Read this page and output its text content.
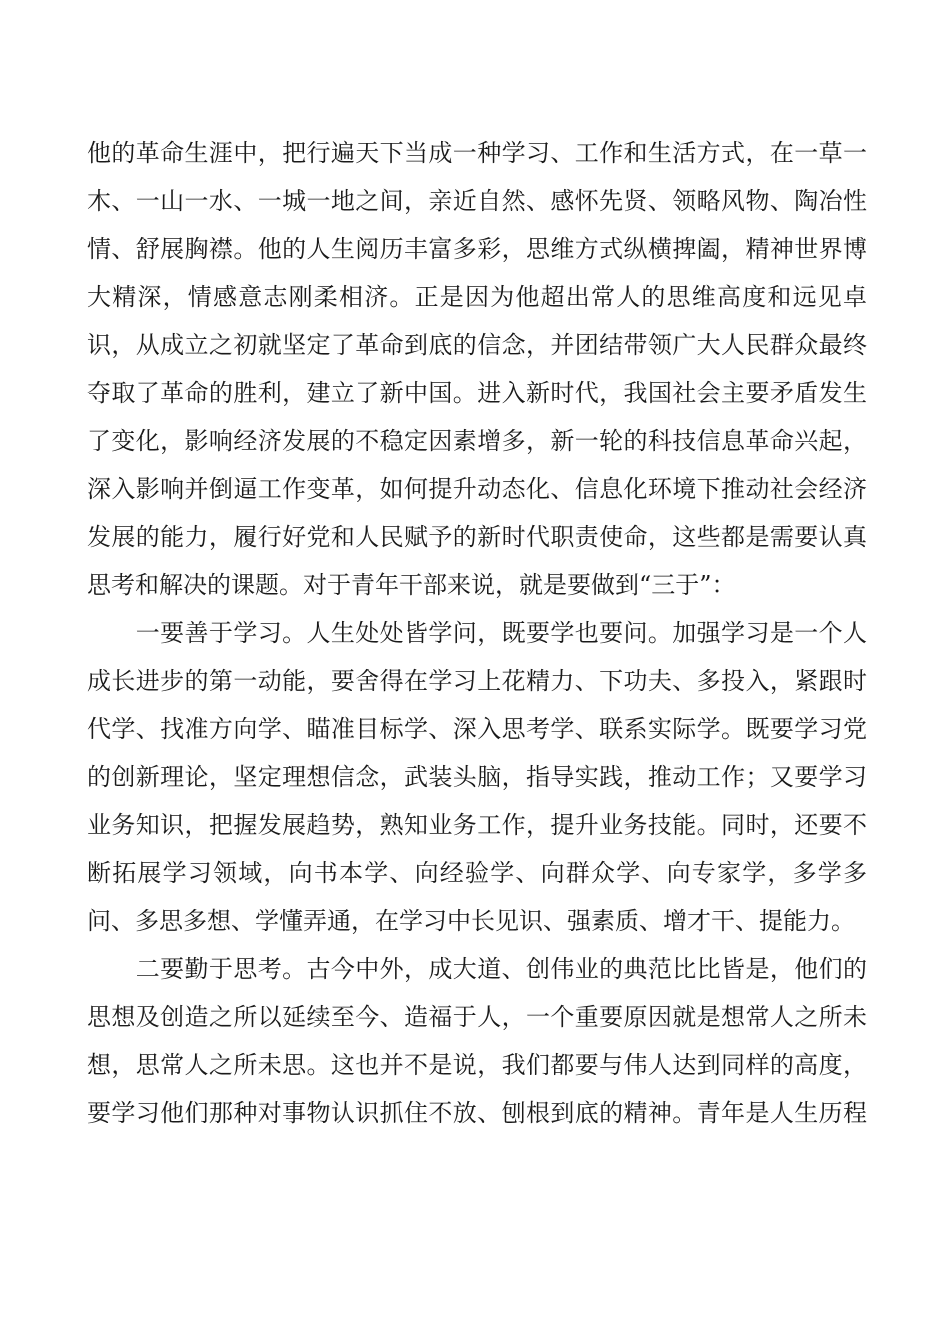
他的革命生涯中，把行遍天下当成一种学习、工作和生活方式，在一草一
木、一山一水、一城一地之间，亲近自然、感怀先贤、领略风物、陶冶性
情、舒展胸襟。他的人生阅历丰富多彩，思维方式纵横捭阖，精神世界博
大精深，情感意志刚柔相济。正是因为他超出常人的思维高度和远见卓
识，从成立之初就坚定了革命到底的信念，并团结带领广大人民群众最终
夺取了革命的胜利，建立了新中国。进入新时代，我国社会主要矛盾发生
了变化，影响经济发展的不稳定因素增多，新一轮的科技信息革命兴起，
深入影响并倒逼工作变革，如何提升动态化、信息化环境下推动社会经济
发展的能力，履行好党和人民赋予的新时代职责使命，这些都是需要认真
思考和解决的课题。对于青年干部来说，就是要做到“三于”：
　　一要善于学习。人生处处皆学问，既要学也要问。加强学习是一个人
成长进步的第一动能，要舍得在学习上花精力、下功夫、多投入，紧跟时
代学、找准方向学、瞄准目标学、深入思考学、联系实际学。既要学习党
的创新理论，坚定理想信念，武装头脑，指导实践，推动工作；又要学习
业务知识，把握发展趋势，熟知业务工作，提升业务技能。同时，还要不
断拓展学习领域，向书本学、向经验学、向群众学、向专家学，多学多
问、多思多想、学懂弄通，在学习中长见识、强素质、增才干、提能力。
　　二要勤于思考。古今中外，成大道、创伟业的典范比比皆是，他们的
思想及创造之所以延续至今、造福于人，一个重要原因就是想常人之所未
想，思常人之所未思。这也并不是说，我们都要与伟人达到同样的高度，
要学习他们那种对事物认识抓住不放、刨根到底的精神。青年是人生历程
